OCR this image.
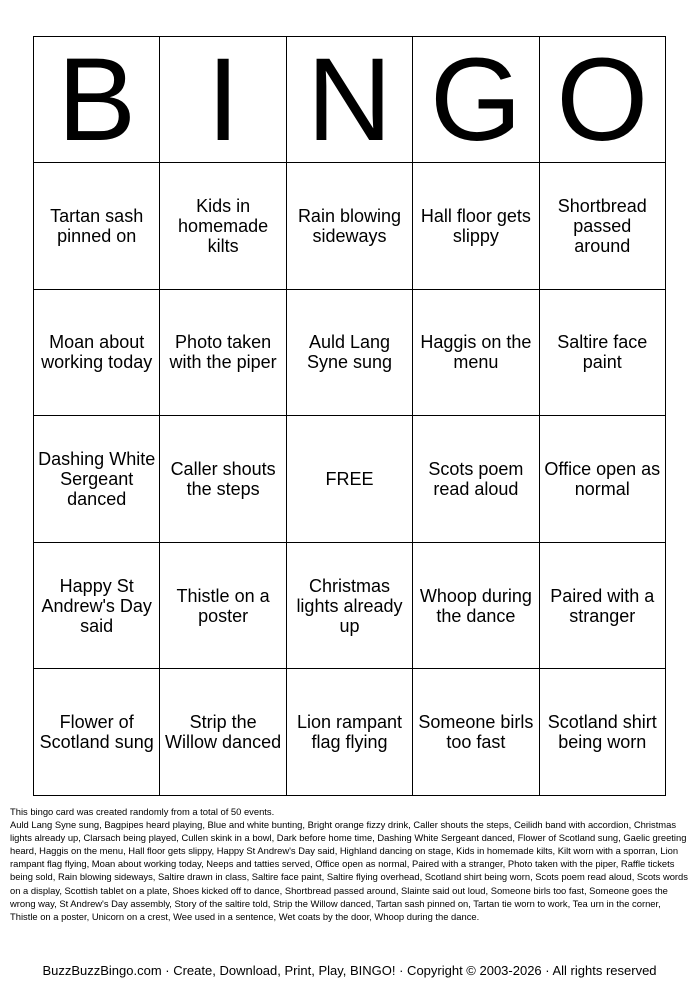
B	I	N	G	O
Tartan sash pinned on	Kids in homemade kilts	Rain blowing sideways	Hall floor gets slippy	Shortbread passed around
Moan about working today	Photo taken with the piper	Auld Lang Syne sung	Haggis on the menu	Saltire face paint
Dashing White Sergeant danced	Caller shouts the steps	FREE	Scots poem read aloud	Office open as normal
Happy St Andrew's Day said	Thistle on a poster	Christmas lights already up	Whoop during the dance	Paired with a stranger
Flower of Scotland sung	Strip the Willow danced	Lion rampant flag flying	Someone birls too fast	Scotland shirt being worn

This bingo card was created randomly from a total of 50 events.

Auld Lang Syne sung, Bagpipes heard playing, Blue and white bunting, Bright orange fizzy drink, Caller shouts the steps, Ceilidh band with accordion, Christmas lights already up, Clarsach being played, Cullen skink in a bowl, Dark before home time, Dashing White Sergeant danced, Flower of Scotland sung, Gaelic greeting heard, Haggis on the menu, Hall floor gets slippy, Happy St Andrew's Day said, Highland dancing on stage, Kids in homemade kilts, Kilt worn with a sporran, Lion rampant flag flying, Moan about working today, Neeps and tatties served, Office open as normal, Paired with a stranger, Photo taken with the piper, Raffle tickets being sold, Rain blowing sideways, Saltire drawn in class, Saltire face paint, Saltire flying overhead, Scotland shirt being worn, Scots poem read aloud, Scots words on a display, Scottish tablet on a plate, Shoes kicked off to dance, Shortbread passed around, Slainte said out loud, Someone birls too fast, Someone goes the wrong way, St Andrew's Day assembly, Story of the saltire told, Strip the Willow danced, Tartan sash pinned on, Tartan tie worn to work, Tea urn in the corner, Thistle on a poster, Unicorn on a crest, Wee used in a sentence, Wet coats by the door, Whoop during the dance.

BuzzBuzzBingo.com · Create, Download, Print, Play, BINGO! · Copyright © 2003-2026 · All rights reserved
